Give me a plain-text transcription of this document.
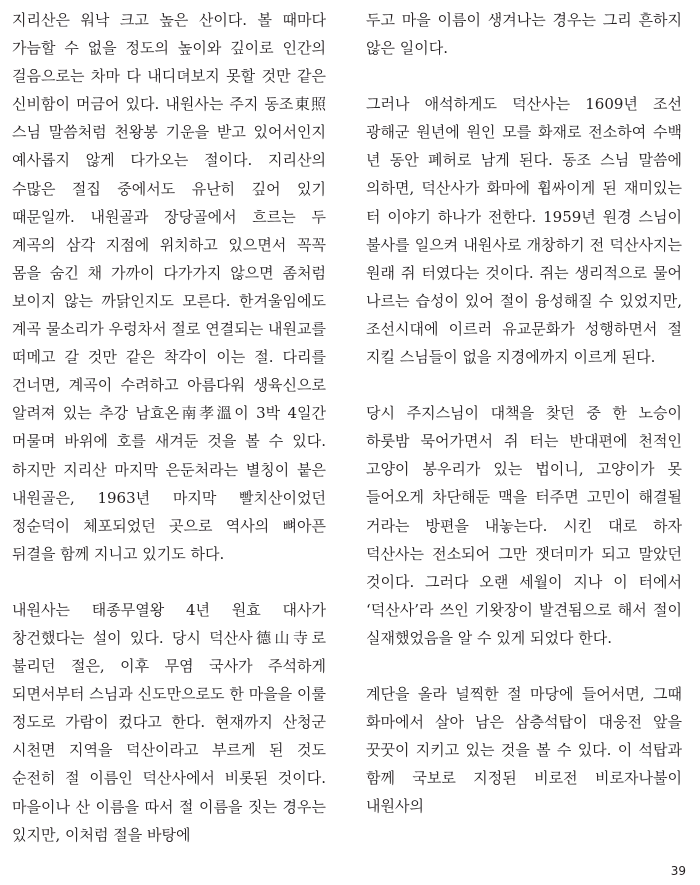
지리산은 워낙 크고 높은 산이다. 볼 때마다 가늠할 수 없을 정도의 높이와 깊이로 인간의 걸음으로는 차마 다 내디뎌보지 못할 것만 같은 신비함이 머금어 있다. 내원사는 주지 동조東照 스님 말씀처럼 천왕봉 기운을 받고 있어서인지 예사롭지 않게 다가오는 절이다. 지리산의 수많은 절집 중에서도 유난히 깊어 있기 때문일까. 내원골과 장당골에서 흐르는 두 계곡의 삼각 지점에 위치하고 있으면서 꼭꼭 몸을 숨긴 채 가까이 다가가지 않으면 좀처럼 보이지 않는 까닭인지도 모른다. 한겨울임에도 계곡 물소리가 우렁차서 절로 연결되는 내원교를 떠메고 갈 것만 같은 착각이 이는 절. 다리를 건너면, 계곡이 수려하고 아름다워 생육신으로 알려져 있는 추강 남효온南孝溫이 3박 4일간 머물며 바위에 호를 새겨둔 것을 볼 수 있다. 하지만 지리산 마지막 은둔처라는 별칭이 붙은 내원골은, 1963년 마지막 빨치산이었던 정순덕이 체포되었던 곳으로 역사의 뼈아픈 뒤결을 함께 지니고 있기도 하다.

내원사는 태종무열왕 4년 원효 대사가 창건했다는 설이 있다. 당시 덕산사德山寺로 불리던 절은, 이후 무염 국사가 주석하게 되면서부터 스님과 신도만으로도 한 마을을 이룰 정도로 가람이 컸다고 한다. 현재까지 산청군 시천면 지역을 덕산이라고 부르게 된 것도 순전히 절 이름인 덕산사에서 비롯된 것이다. 마을이나 산 이름을 따서 절 이름을 짓는 경우는 있지만, 이처럼 절을 바탕에

두고 마을 이름이 생겨나는 경우는 그리 흔하지 않은 일이다.

그러나 애석하게도 덕산사는 1609년 조선 광해군 원년에 원인 모를 화재로 전소하여 수백 년 동안 폐허로 남게 된다. 동조 스님 말씀에 의하면, 덕산사가 화마에 휩싸이게 된 재미있는 터 이야기 하나가 전한다. 1959년 원경 스님이 불사를 일으켜 내원사로 개창하기 전 덕산사지는 원래 쥐 터였다는 것이다. 쥐는 생리적으로 물어 나르는 습성이 있어 절이 융성해질 수 있었지만, 조선시대에 이르러 유교문화가 성행하면서 절 지킬 스님들이 없을 지경에까지 이르게 된다.

당시 주지스님이 대책을 찾던 중 한 노승이 하룻밤 묵어가면서 쥐 터는 반대편에 천적인 고양이 봉우리가 있는 법이니, 고양이가 못 들어오게 차단해둔 맥을 터주면 고민이 해결될 거라는 방편을 내놓는다. 시킨 대로 하자 덕산사는 전소되어 그만 잿더미가 되고 말았던 것이다. 그러다 오랜 세월이 지나 이 터에서 ‘덕산사’라 쓰인 기왓장이 발견됨으로 해서 절이 실재했었음을 알 수 있게 되었다 한다.

계단을 올라 널찍한 절 마당에 들어서면, 그때 화마에서 살아 남은 삼층석탑이 대웅전 앞을 꿋꿋이 지키고 있는 것을 볼 수 있다. 이 석탑과 함께 국보로 지정된 비로전 비로자나불이 내원사의

39
